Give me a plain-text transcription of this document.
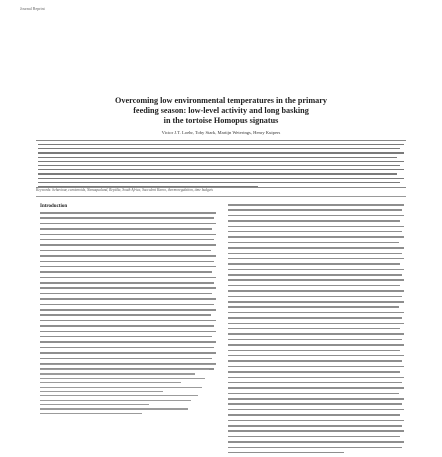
Journal Reprint
Overcoming low environmental temperatures in the primary
feeding season: low-level activity and long basking
in the tortoise Homopus signatus
Victor J.T. Loehr, Toby Stark, Martijn Weterings, Henry Kuipers
Keywords: behaviour, carotenoids, Namaqualand, Reptilia, South Africa, Succulent Karoo, thermoregulation, time budgets
Introduction
